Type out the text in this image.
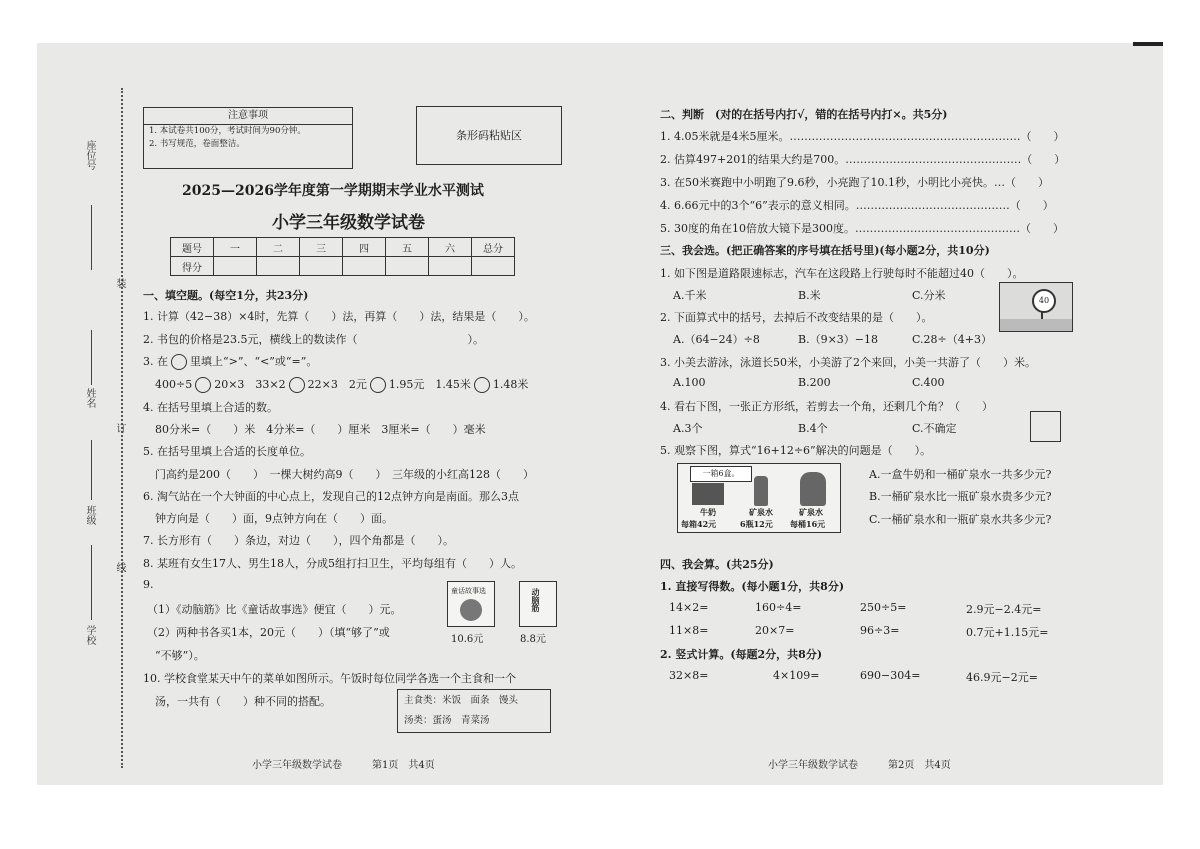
座位号
装
姓名
订
班级
线
学校
注意事项
1. 本试卷共100分，考试时间为90分钟。
2. 书写规范，卷面整洁。
条形码粘贴区
2025—2026学年度第一学期期末学业水平测试
小学三年级数学试卷
题号	一	二	三	四	五	六	总分
得分							
一、填空题。(每空1分，共23分)
1. 计算（42−38）×4时，先算（　　）法，再算（　　）法，结果是（　　）。
2. 书包的价格是23.5元，横线上的数读作（　　　　　　　　　　）。
3. 在 里填上“>”、“<”或“=”。
400÷5 20×3　33×2 22×3　2元 1.95元　1.45米 1.48米
4. 在括号里填上合适的数。
80分米=（　　）米　4分米=（　　）厘米　3厘米=（　　）毫米
5. 在括号里填上合适的长度单位。
门高约是200（　　）　一棵大树约高9（　　）　三年级的小红高128（　　）
6. 淘气站在一个大钟面的中心点上，发现自己的12点钟方向是南面。那么3点
钟方向是（　　）面，9点钟方向在（　　）面。
7. 长方形有（　　）条边，对边（　　），四个角都是（　　）。
8. 某班有女生17人、男生18人，分成5组打扫卫生，平均每组有（　　）人。
9.
（1）《动脑筋》比《童话故事选》便宜（　　）元。
（2）两种书各买1本，20元（　　）（填“够了”或
“不够”）。
童话故事选
10.6元
动脑筋
8.8元
10. 学校食堂某天中午的菜单如图所示。午饭时每位同学各选一个主食和一个
汤，一共有（　　）种不同的搭配。	主食类：米饭　面条　馒头
汤类：蛋汤　青菜汤
小学三年级数学试卷　　　第1页　共4页
二、判断　(对的在括号内打√，错的在括号内打×。共5分)
1. 4.05米就是4米5厘米。………………………………………………………（　　）
2. 估算497+201的结果大约是700。…………………………………………（　　）
3. 在50米赛跑中小明跑了9.6秒，小亮跑了10.1秒，小明比小亮快。…（　　）
4. 6.66元中的3个“6”表示的意义相同。……………………………………（　　）
5. 30度的角在10倍放大镜下是300度。………………………………………（　　）
三、我会选。(把正确答案的序号填在括号里)(每小题2分，共10分)
1. 如下图是道路限速标志，汽车在这段路上行驶每时不能超过40（　　）。
A.千米	B.米	C.分米	40
2. 下面算式中的括号，去掉后不改变结果的是（　　）。
A.（64−24）÷8	B.（9×3）−18	C.28÷（4+3）
3. 小美去游泳，泳道长50米，小美游了2个来回，小美一共游了（　　）米。
A.100	B.200	C.400
4. 看右下图，一张正方形纸，若剪去一个角，还剩几个角？（　　）
A.3个	B.4个	C.不确定
5. 观察下图，算式“16+12÷6”解决的问题是（　　）。
一箱6盒。
牛奶
每箱42元
矿泉水
6瓶12元
矿泉水
每桶16元
A.一盒牛奶和一桶矿泉水一共多少元?
B.一桶矿泉水比一瓶矿泉水贵多少元?
C.一桶矿泉水和一瓶矿泉水共多少元?
四、我会算。(共25分)
1. 直接写得数。(每小题1分，共8分)
14×2=	160÷4=	250÷5=	2.9元−2.4元=
11×8=	20×7=	96÷3=	0.7元+1.15元=
2. 竖式计算。(每题2分，共8分)
32×8=	4×109=	690−304=	46.9元−2元=
小学三年级数学试卷　　　第2页　共4页
